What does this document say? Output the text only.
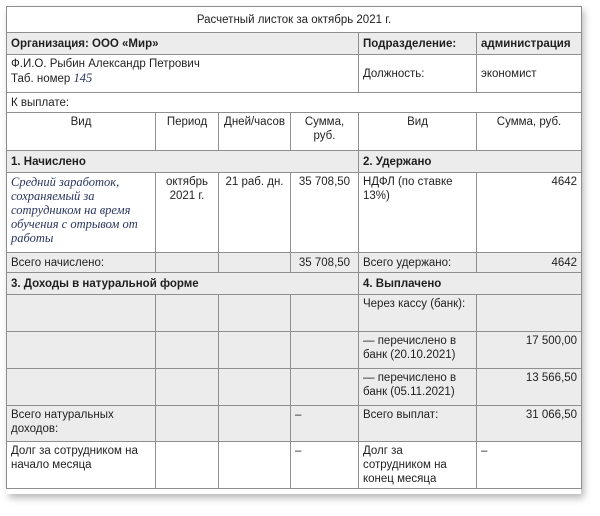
Расчетный листок за октябрь 2021 г.					
Организация: ООО «Мир»				Подразделение:	администрация

Ф.И.О. Рыбин Александр Петрович
Таб. номер 145				Должность:	экономист
К выплате:					
Вид	Период	Дней/часов	Сумма, руб.	Вид	Сумма, руб.
1. Начислено				2. Удержано	
Средний заработок, сохраняемый за сотрудником на время обучения с отрывом от работы	октябрь 2021 г.	21 раб. дн.	35 708,50	НДФЛ (по ставке 13%)	4642
Всего начислено:			35 708,50	Всего удержано:	4642
3. Доходы в натуральной форме				4. Выплачено	
				Через кассу (банк):	
				— перечислено в банк (20.10.2021)	17 500,00
				— перечислено в банк (05.11.2021)	13 566,50
Всего натуральных доходов:			–	Всего выплат:	31 066,50
Долг за сотрудником на начало месяца			–	Долг за сотрудником на конец месяца	–
